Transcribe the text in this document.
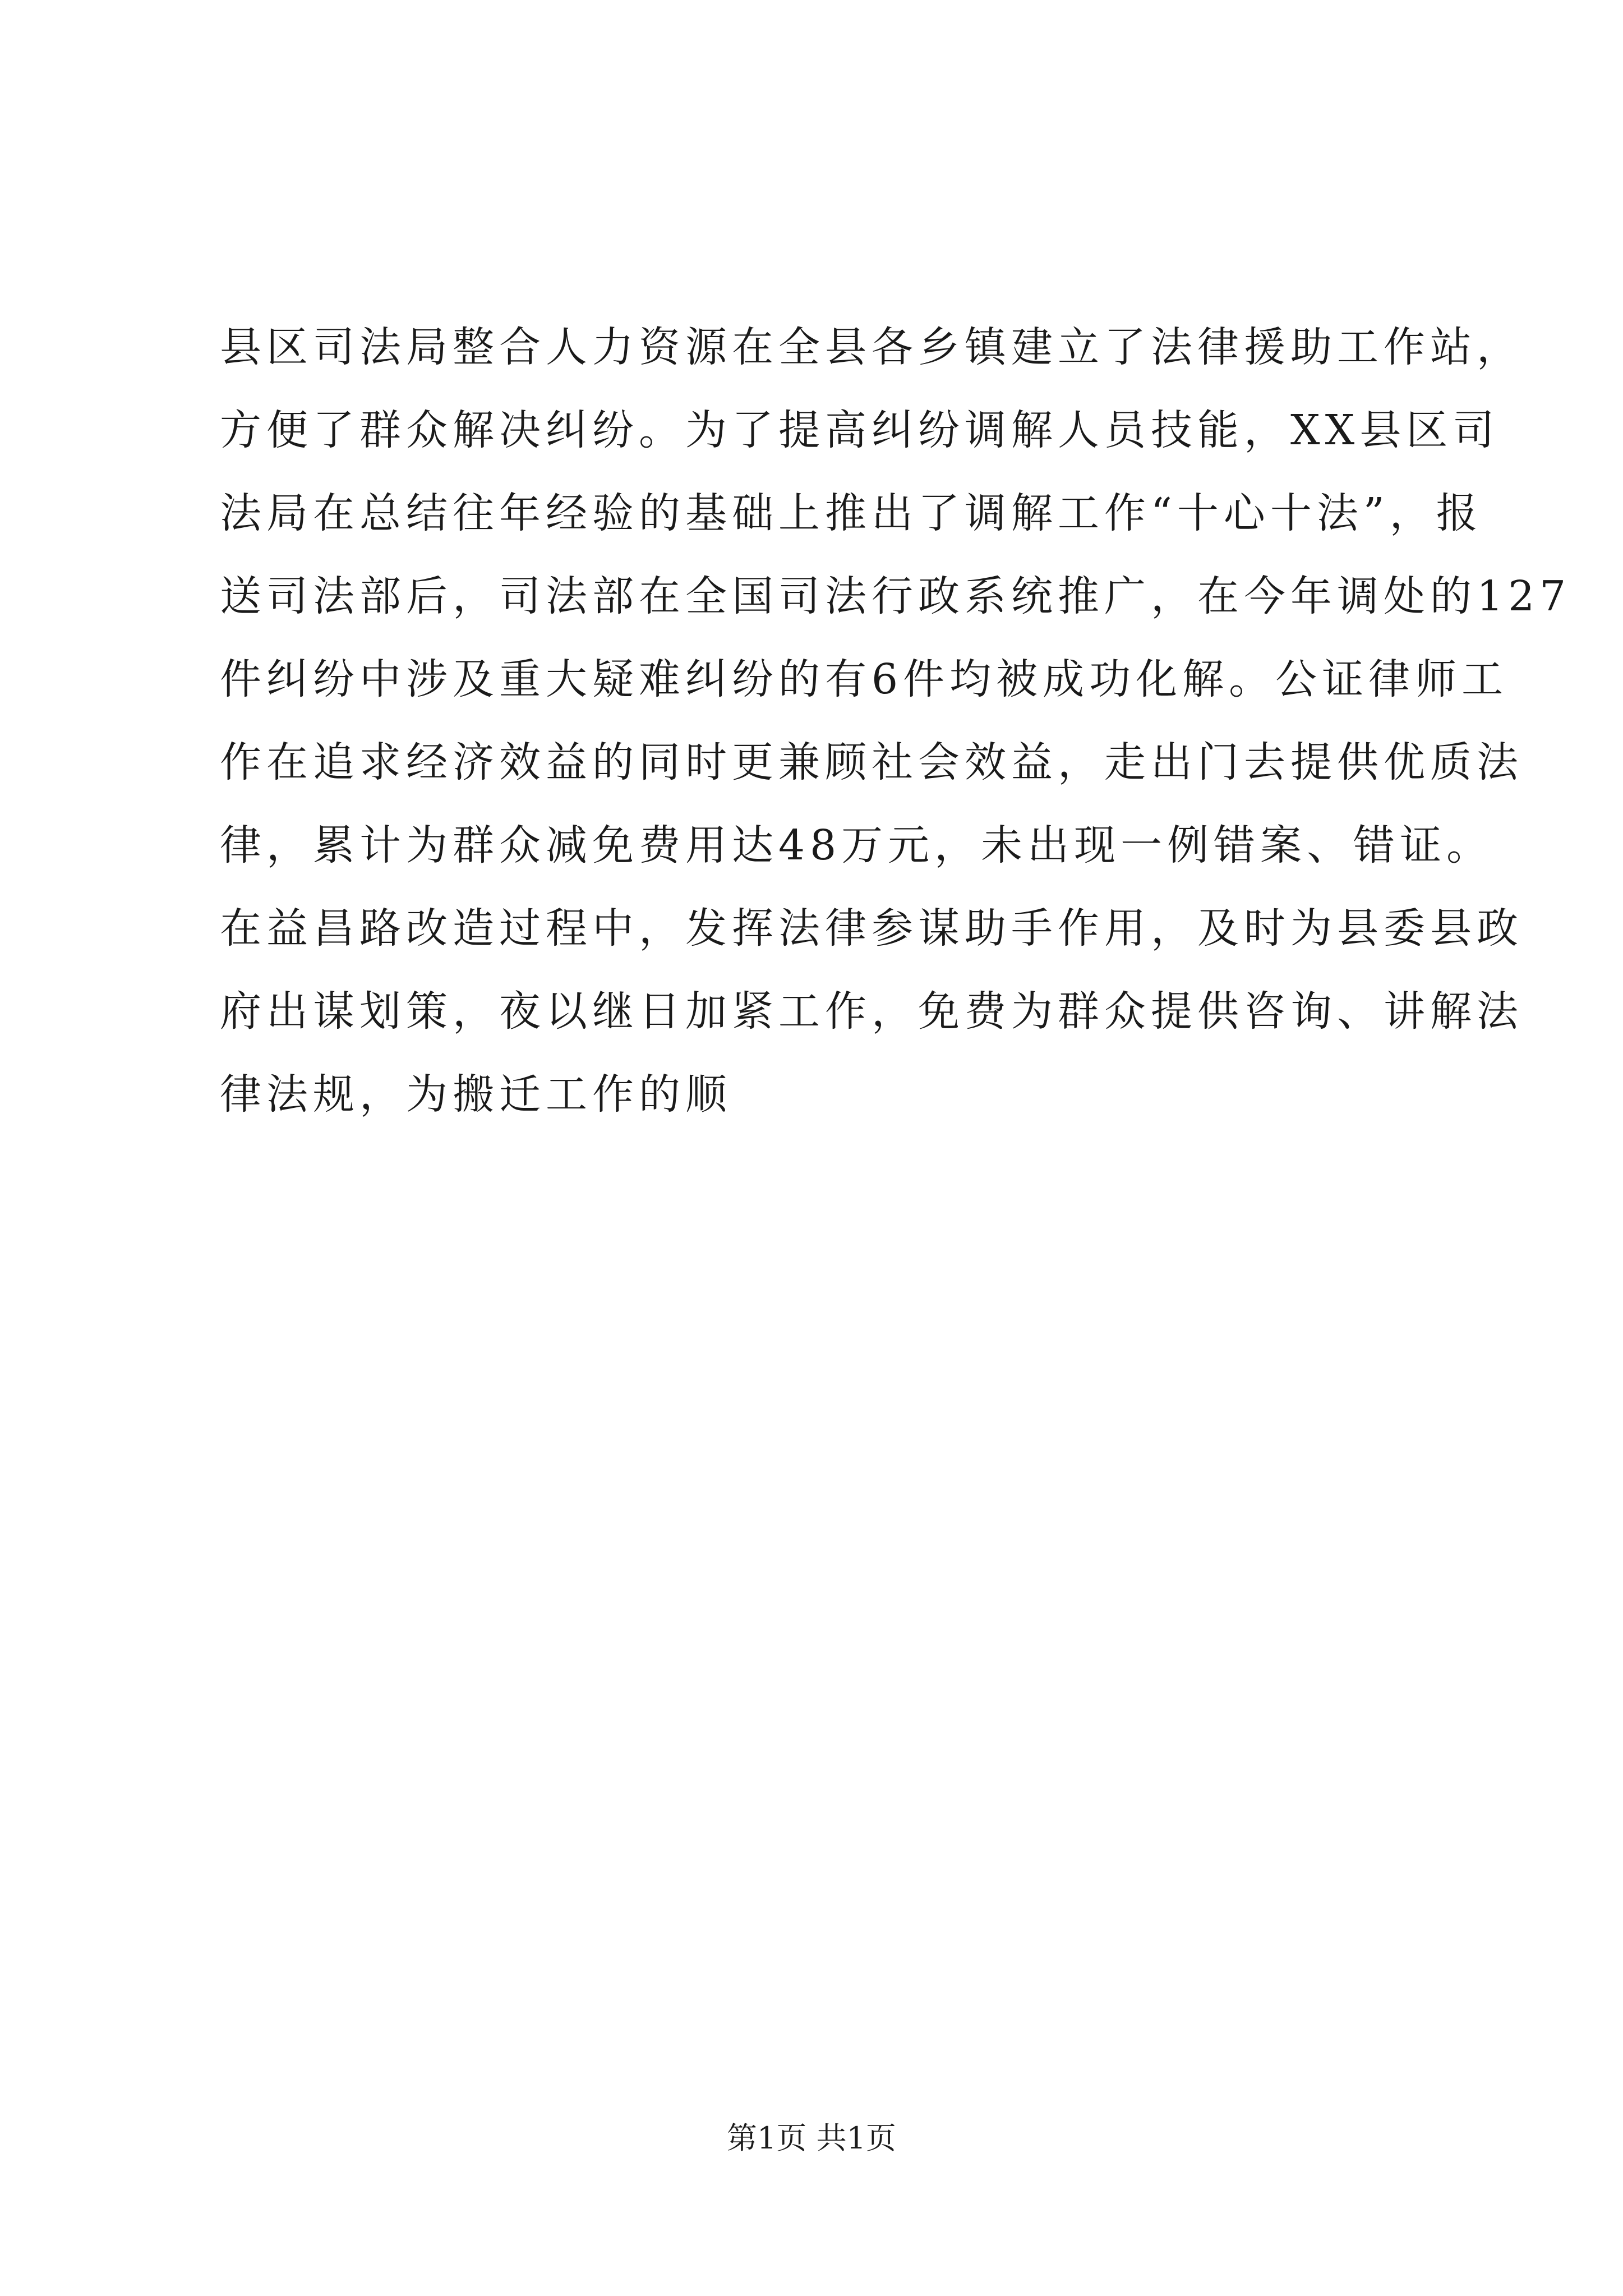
县区司法局整合人力资源在全县各乡镇建立了法律援助工作站，
方便了群众解决纠纷。为了提高纠纷调解人员技能，XX县区司
法局在总结往年经验的基础上推出了调解工作“十心十法”，报
送司法部后，司法部在全国司法行政系统推广，在今年调处的127
件纠纷中涉及重大疑难纠纷的有6件均被成功化解。公证律师工
作在追求经济效益的同时更兼顾社会效益，走出门去提供优质法
律，累计为群众减免费用达48万元，未出现一例错案、错证。
在益昌路改造过程中，发挥法律参谋助手作用，及时为县委县政
府出谋划策，夜以继日加紧工作，免费为群众提供咨询、讲解法
律法规，为搬迁工作的顺
第1页 共1页
